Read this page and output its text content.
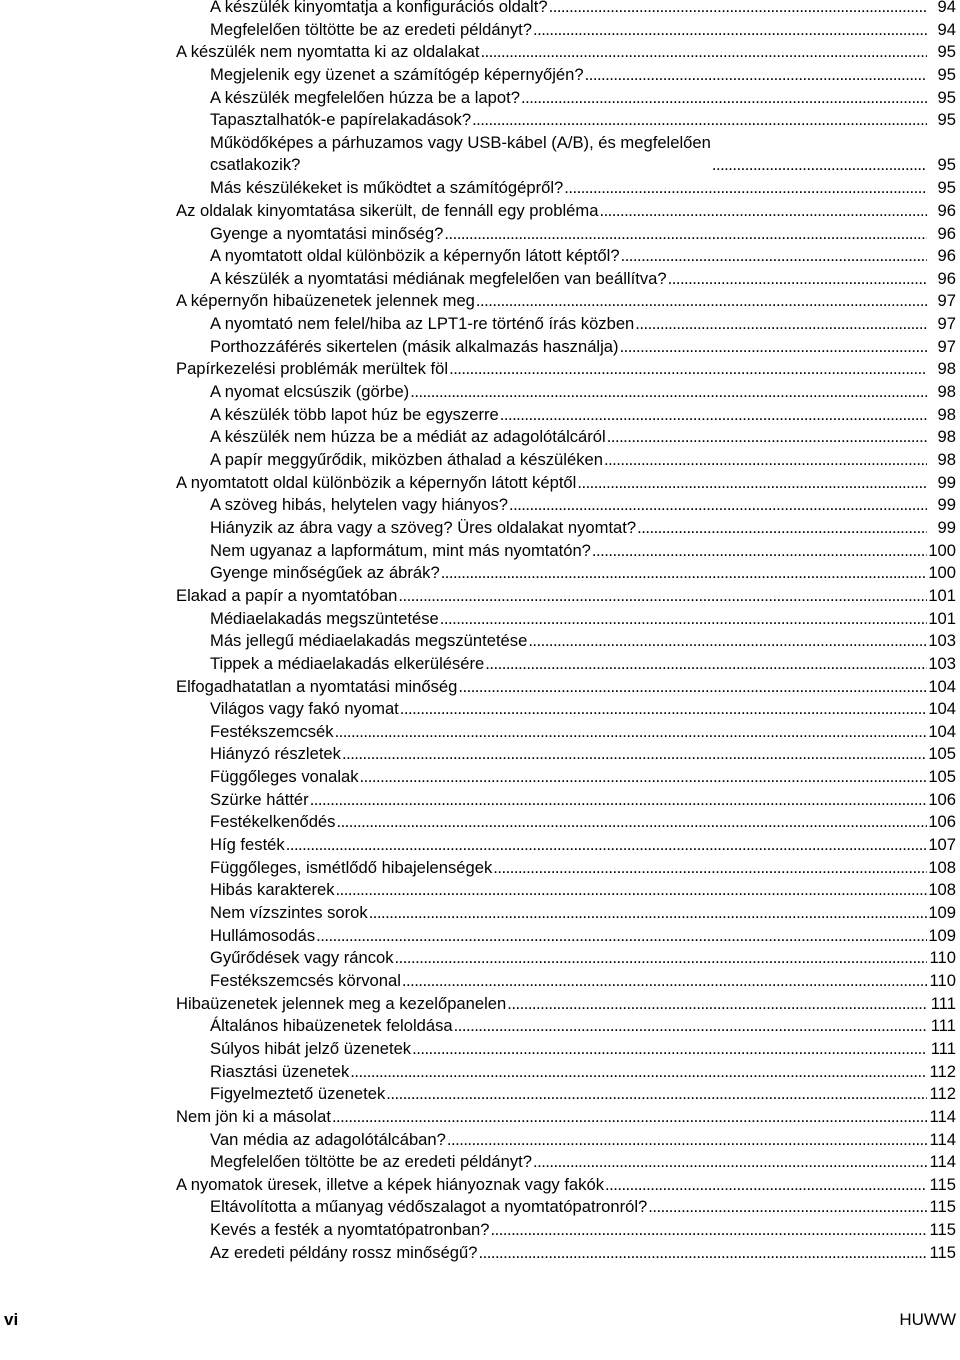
A készülék kinyomtatja a konfigurációs oldalt? .....	94
Megfelelően töltötte be az eredeti példányt? .....	94
A készülék nem nyomtatta ki az oldalakat .....	95
Megjelenik egy üzenet a számítógép képernyőjén? .....	95
A készülék megfelelően húzza be a lapot? .....	95
Tapasztalhatók-e papírelakadások? .....	95
Működőképes a párhuzamos vagy USB-kábel (A/B), és megfelelően
csatlakozik? .....	95
Más készülékeket is működtet a számítógépről? .....	95
Az oldalak kinyomtatása sikerült, de fennáll egy probléma .....	96
Gyenge a nyomtatási minőség? .....	96
A nyomtatott oldal különbözik a képernyőn látott képtől? .....	96
A készülék a nyomtatási médiának megfelelően van beállítva? .....	96
A képernyőn hibaüzenetek jelennek meg .....	97
A nyomtató nem felel/hiba az LPT1-re történő írás közben .....	97
Porthozzáférés sikertelen (másik alkalmazás használja) .....	97
Papírkezelési problémák merültek föl .....	98
A nyomat elcsúszik (görbe) .....	98
A készülék több lapot húz be egyszerre .....	98
A készülék nem húzza be a médiát az adagolótálcáról .....	98
A papír meggyűrődik, miközben áthalad a készüléken .....	98
A nyomtatott oldal különbözik a képernyőn látott képtől .....	99
A szöveg hibás, helytelen vagy hiányos? .....	99
Hiányzik az ábra vagy a szöveg? Üres oldalakat nyomtat? .....	99
Nem ugyanaz a lapformátum, mint más nyomtatón? .....	100
Gyenge minőségűek az ábrák? .....	100
Elakad a papír a nyomtatóban .....	101
Médiaelakadás megszüntetése .....	101
Más jellegű médiaelakadás megszüntetése .....	103
Tippek a médiaelakadás elkerülésére .....	103
Elfogadhatatlan a nyomtatási minőség .....	104
Világos vagy fakó nyomat .....	104
Festékszemcsék .....	104
Hiányzó részletek .....	105
Függőleges vonalak .....	105
Szürke háttér .....	106
Festékelkenődés .....	106
Híg festék .....	107
Függőleges, ismétlődő hibajelenségek .....	108
Hibás karakterek .....	108
Nem vízszintes sorok .....	109
Hullámosodás .....	109
Gyűrődések vagy ráncok .....	110
Festékszemcsés körvonal .....	110
Hibaüzenetek jelennek meg a kezelőpanelen .....	111
Általános hibaüzenetek feloldása .....	111
Súlyos hibát jelző üzenetek .....	111
Riasztási üzenetek .....	112
Figyelmeztető üzenetek .....	112
Nem jön ki a másolat .....	114
Van média az adagolótálcában? .....	114
Megfelelően töltötte be az eredeti példányt? .....	114
A nyomatok üresek, illetve a képek hiányoznak vagy fakók .....	115
Eltávolította a műanyag védőszalagot a nyomtatópatronról? .....	115
Kevés a festék a nyomtatópatronban? .....	115
Az eredeti példány rossz minőségű? .....	115
vi	HUWW
